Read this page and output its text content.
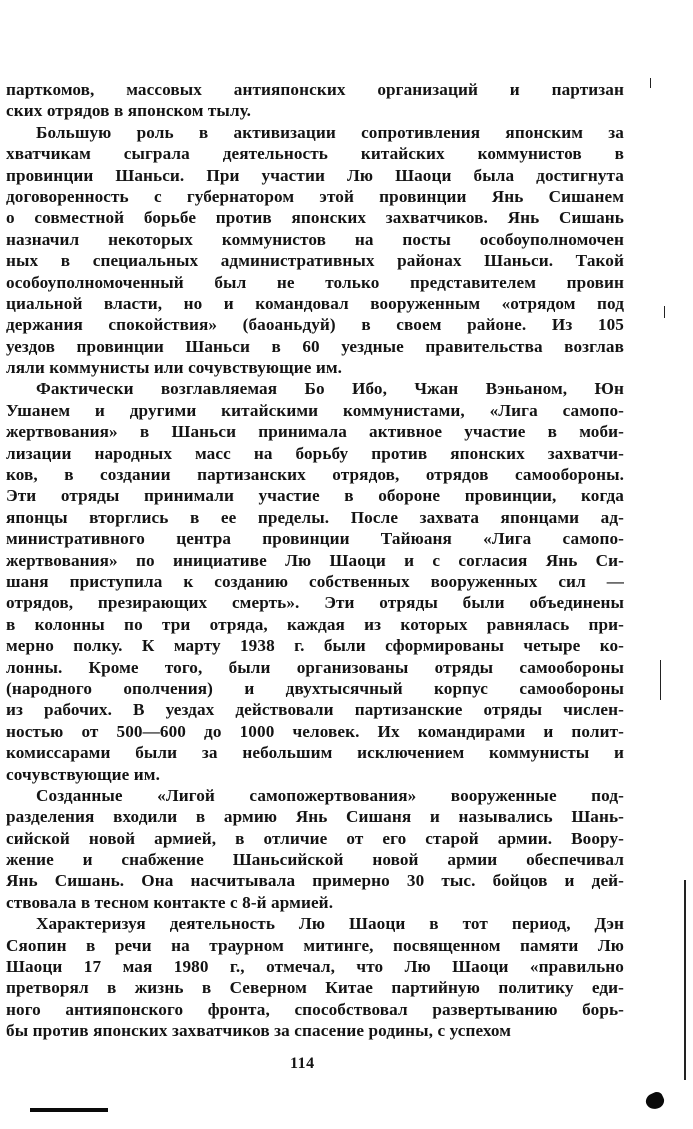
парткомов, массовых антияпонских организаций и партизан
ских отрядов в японском тылу.
Большую роль в активизации сопротивления японским за
хватчикам сыграла деятельность китайских коммунистов в
провинции Шаньси. При участии Лю Шаоци была достигнута
договоренность с губернатором этой провинции Янь Сишанем
о совместной борьбе против японских захватчиков. Янь Сишань
назначил некоторых коммунистов на посты особоуполномочен
ных в специальных административных районах Шаньси. Такой
особоуполномоченный был не только представителем провин
циальной власти, но и командовал вооруженным «отрядом под
держания спокойствия» (баоаньдуй) в своем районе. Из 105
уездов провинции Шаньси в 60 уездные правительства возглав
ляли коммунисты или сочувствующие им.
Фактически возглавляемая Бо Ибо, Чжан Вэньаном, Юн
Ушанем и другими китайскими коммунистами, «Лига самопо-
жертвования» в Шаньси принимала активное участие в моби-
лизации народных масс на борьбу против японских захватчи-
ков, в создании партизанских отрядов, отрядов самообороны.
Эти отряды принимали участие в обороне провинции, когда
японцы вторглись в ее пределы. После захвата японцами ад-
министративного центра провинции Тайюаня «Лига самопо-
жертвования» по инициативе Лю Шаоци и с согласия Янь Си-
шаня приступила к созданию собственных вооруженных сил —
отрядов, презирающих смерть». Эти отряды были объединены
в колонны по три отряда, каждая из которых равнялась при-
мерно полку. К марту 1938 г. были сформированы четыре ко-
лонны. Кроме того, были организованы отряды самообороны
(народного ополчения) и двухтысячный корпус самообороны
из рабочих. В уездах действовали партизанские отряды числен-
ностью от 500—600 до 1000 человек. Их командирами и полит-
комиссарами были за небольшим исключением коммунисты и
сочувствующие им.
Созданные «Лигой самопожертвования» вооруженные под-
разделения входили в армию Янь Сишаня и назывались Шань-
сийской новой армией, в отличие от его старой армии. Воору-
жение и снабжение Шаньсийской новой армии обеспечивал
Янь Сишань. Она насчитывала примерно 30 тыс. бойцов и дей-
ствовала в тесном контакте с 8-й армией.
Характеризуя деятельность Лю Шаоци в тот период, Дэн
Сяопин в речи на траурном митинге, посвященном памяти Лю
Шаоци 17 мая 1980 г., отмечал, что Лю Шаоци «правильно
претворял в жизнь в Северном Китае партийную политику еди-
ного антияпонского фронта, способствовал развертыванию борь-
бы против японских захватчиков за спасение родины, с успехом
114
